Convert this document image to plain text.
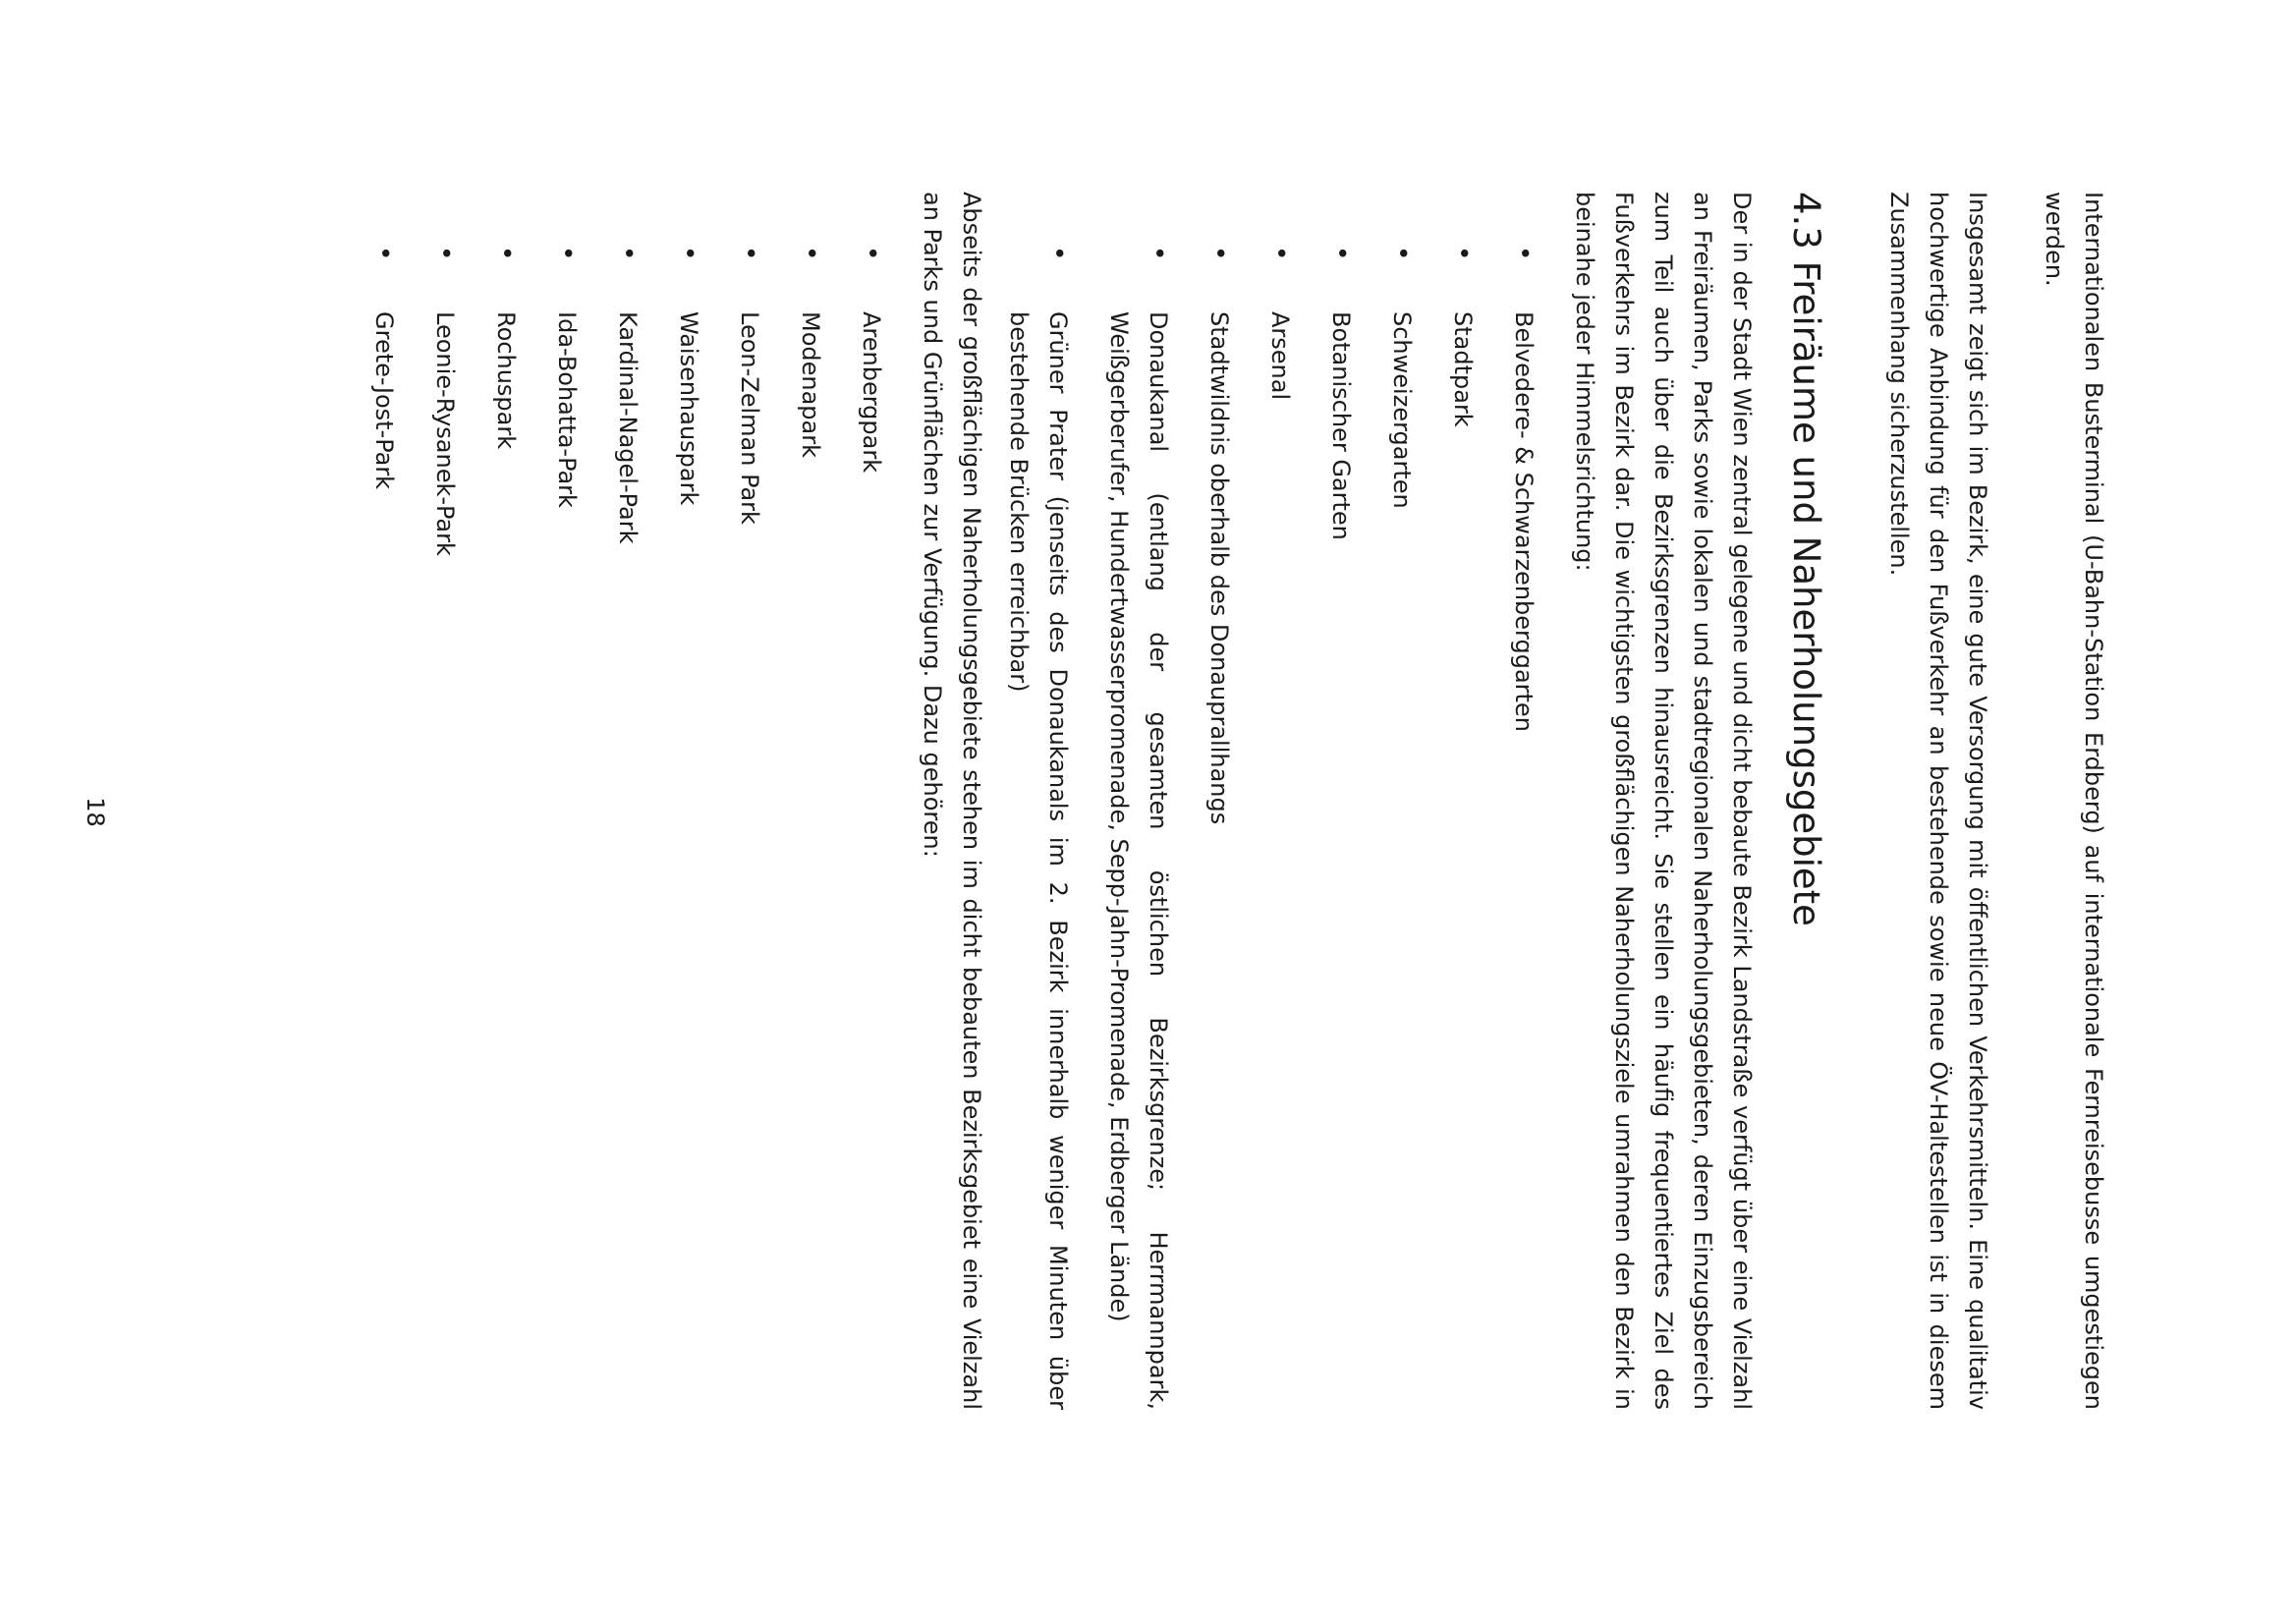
Internationalen Busterminal (U-Bahn-Station Erdberg) auf internationale Fernreisebusse umgestiegen werden.

Insgesamt zeigt sich im Bezirk, eine gute Versorgung mit öffentlichen Verkehrsmitteln. Eine qualitativ hochwertige Anbindung für den Fußverkehr an bestehende sowie neue ÖV-Haltestellen ist in diesem Zusammenhang sicherzustellen.

4.3 Freiräume und Naherholungsgebiete

Der in der Stadt Wien zentral gelegene und dicht bebaute Bezirk Landstraße verfügt über eine Vielzahl an Freiräumen, Parks sowie lokalen und stadtregionalen Naherholungsgebieten, deren Einzugsbereich zum Teil auch über die Bezirksgrenzen hinausreicht. Sie stellen ein häufig frequentiertes Ziel des Fußverkehrs im Bezirk dar. Die wichtigsten großflächigen Naherholungsziele umrahmen den Bezirk in beinahe jeder Himmelsrichtung:

• Belvedere- & Schwarzenberggarten
• Stadtpark
• Schweizergarten
• Botanischer Garten
• Arsenal
• Stadtwildnis oberhalb des Donauprallhangs
• Donaukanal (entlang der gesamten östlichen Bezirksgrenze; Herrmannpark, Weißgerberufer, Hundertwasserpromenade, Sepp-Jahn-Promenade, Erdberger Lände)
• Grüner Prater (jenseits des Donaukanals im 2. Bezirk innerhalb weniger Minuten über bestehende Brücken erreichbar)

Abseits der großflächigen Naherholungsgebiete stehen im dicht bebauten Bezirksgebiet eine Vielzahl an Parks und Grünflächen zur Verfügung. Dazu gehören:

• Arenbergpark
• Modenapark
• Leon-Zelman Park
• Waisenhauspark
• Kardinal-Nagel-Park
• Ida-Bohatta-Park
• Rochuspark
• Leonie-Rysanek-Park
• Grete-Jost-Park
18
